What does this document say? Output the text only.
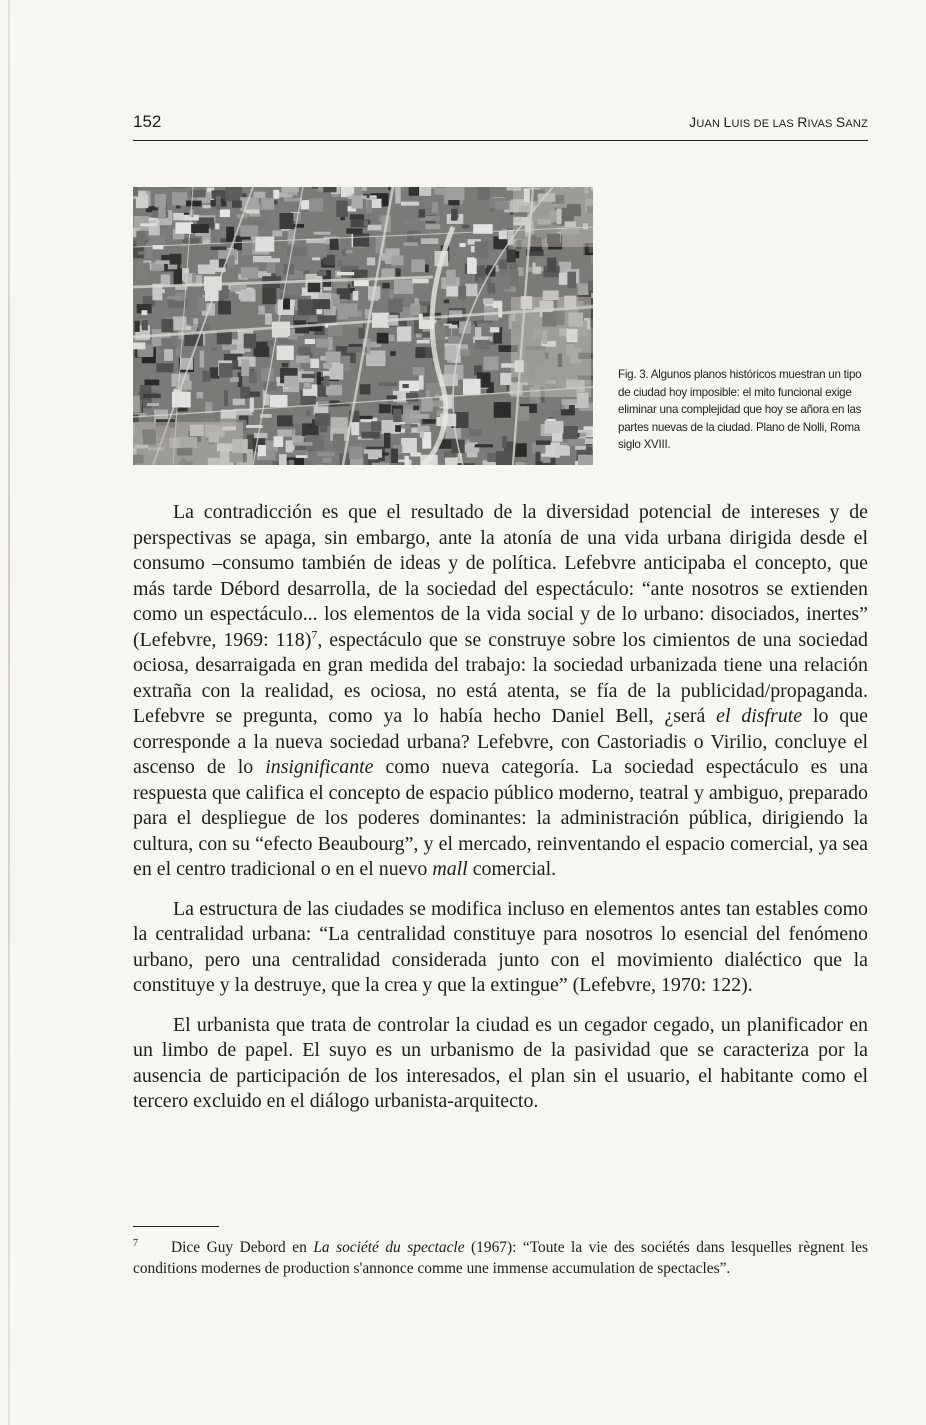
152	JUAN LUIS DE LAS RIVAS SANZ
Fig. 3. Algunos planos históricos muestran un tipo de ciudad hoy imposible: el mito funcional exige eliminar una complejidad que hoy se añora en las partes nuevas de la ciudad. Plano de Nolli, Roma siglo XVIII.

La contradicción es que el resultado de la diversidad potencial de intereses y de perspectivas se apaga, sin embargo, ante la atonía de una vida urbana dirigida desde el consumo –consumo también de ideas y de política. Lefebvre anticipaba el concepto, que más tarde Débord desarrolla, de la sociedad del espectáculo: “ante nosotros se extienden como un espectáculo... los elementos de la vida social y de lo urbano: disociados, inertes” (Lefebvre, 1969: 118)$^7$, espectáculo que se construye sobre los cimientos de una sociedad ociosa, desarraigada en gran medida del trabajo: la sociedad urbanizada tiene una relación extraña con la realidad, es ociosa, no está atenta, se fía de la publicidad/propaganda. Lefebvre se pregunta, como ya lo había hecho Daniel Bell, ¿será el disfrute lo que corresponde a la nueva sociedad urbana? Lefebvre, con Castoriadis o Virilio, concluye el ascenso de lo insignificante como nueva categoría. La sociedad espectáculo es una respuesta que califica el concepto de espacio público moderno, teatral y ambiguo, preparado para el despliegue de los poderes dominantes: la administración pública, dirigiendo la cultura, con su “efecto Beaubourg”, y el mercado, reinventando el espacio comercial, ya sea en el centro tradicional o en el nuevo mall comercial.

La estructura de las ciudades se modifica incluso en elementos antes tan estables como la centralidad urbana: “La centralidad constituye para nosotros lo esencial del fenómeno urbano, pero una centralidad considerada junto con el movimiento dialéctico que la constituye y la destruye, que la crea y que la extingue” (Lefebvre, 1970: 122).

El urbanista que trata de controlar la ciudad es un cegador cegado, un planificador en un limbo de papel. El suyo es un urbanismo de la pasividad que se caracteriza por la ausencia de participación de los interesados, el plan sin el usuario, el habitante como el tercero excluido en el diálogo urbanista-arquitecto.

$^7$ Dice Guy Debord en La société du spectacle (1967): “Toute la vie des sociétés dans lesquelles règnent les conditions modernes de production s'annonce comme une immense accumulation de spectacles”.
